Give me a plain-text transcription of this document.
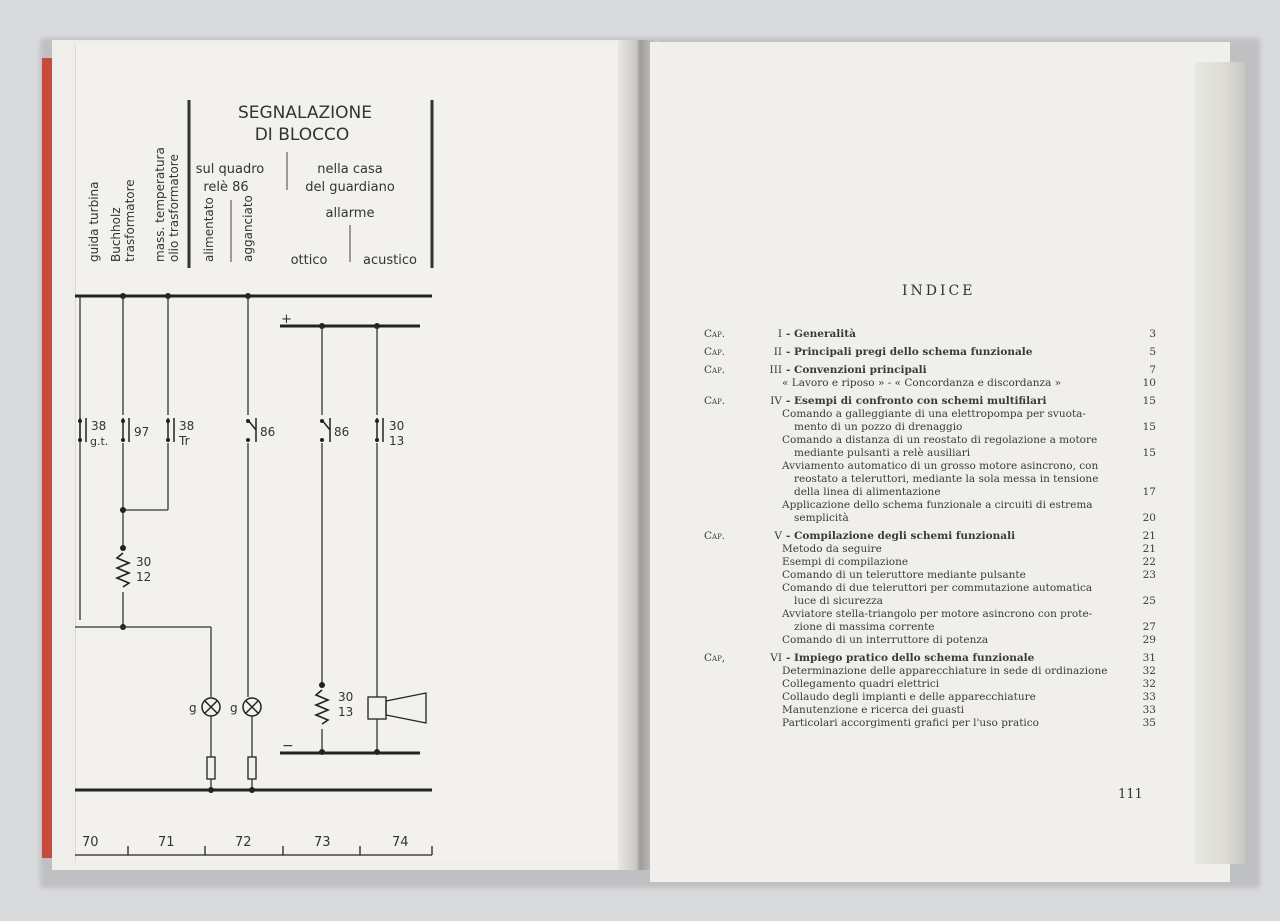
SEGNALAZIONE
DI BLOCCO
sul quadro
relè 86
nella casa
del guardiano
allarme
ottico	acustico
guida turbina Buchholz trasformatore mass. temperatura olio trasformatore alimentato agganciato
+
38
g.t.
97 38
Tr
86	86	30
13
30
12
g	g
30
13
−
70	71	72	73	74
INDICE
Cap.	I - Generalità	3
Cap.	II - Principali pregi dello schema funzionale	5
Cap.	III - Convenzioni principali	7
« Lavoro e riposo » - « Concordanza e discordanza »	10
Cap.	IV - Esempi di confronto con schemi multifilari	15
Comando a galleggiante di una elettropompa per svuota-
mento di un pozzo di drenaggio	15
Comando a distanza di un reostato di regolazione a motore
mediante pulsanti a relè ausiliari	15
Avviamento automatico di un grosso motore asincrono, con
reostato a teleruttori, mediante la sola messa in tensione
della linea di alimentazione	17
Applicazione dello schema funzionale a circuiti di estrema
semplicità	20
Cap.	V - Compilazione degli schemi funzionali	21
Metodo da seguire	21
Esempi di compilazione	22
Comando di un teleruttore mediante pulsante	23
Comando di due teleruttori per commutazione automatica
luce di sicurezza	25
Avviatore stella-triangolo per motore asincrono con prote-
zione di massima corrente	27
Comando di un interruttore di potenza	29
Cap,	VI - Impiego pratico dello schema funzionale	31
Determinazione delle apparecchiature in sede di ordinazione	32
Collegamento quadri elettrici	32
Collaudo degli impianti e delle apparecchiature	33
Manutenzione e ricerca dei guasti	33
Particolari accorgimenti grafici per l'uso pratico	35
111
